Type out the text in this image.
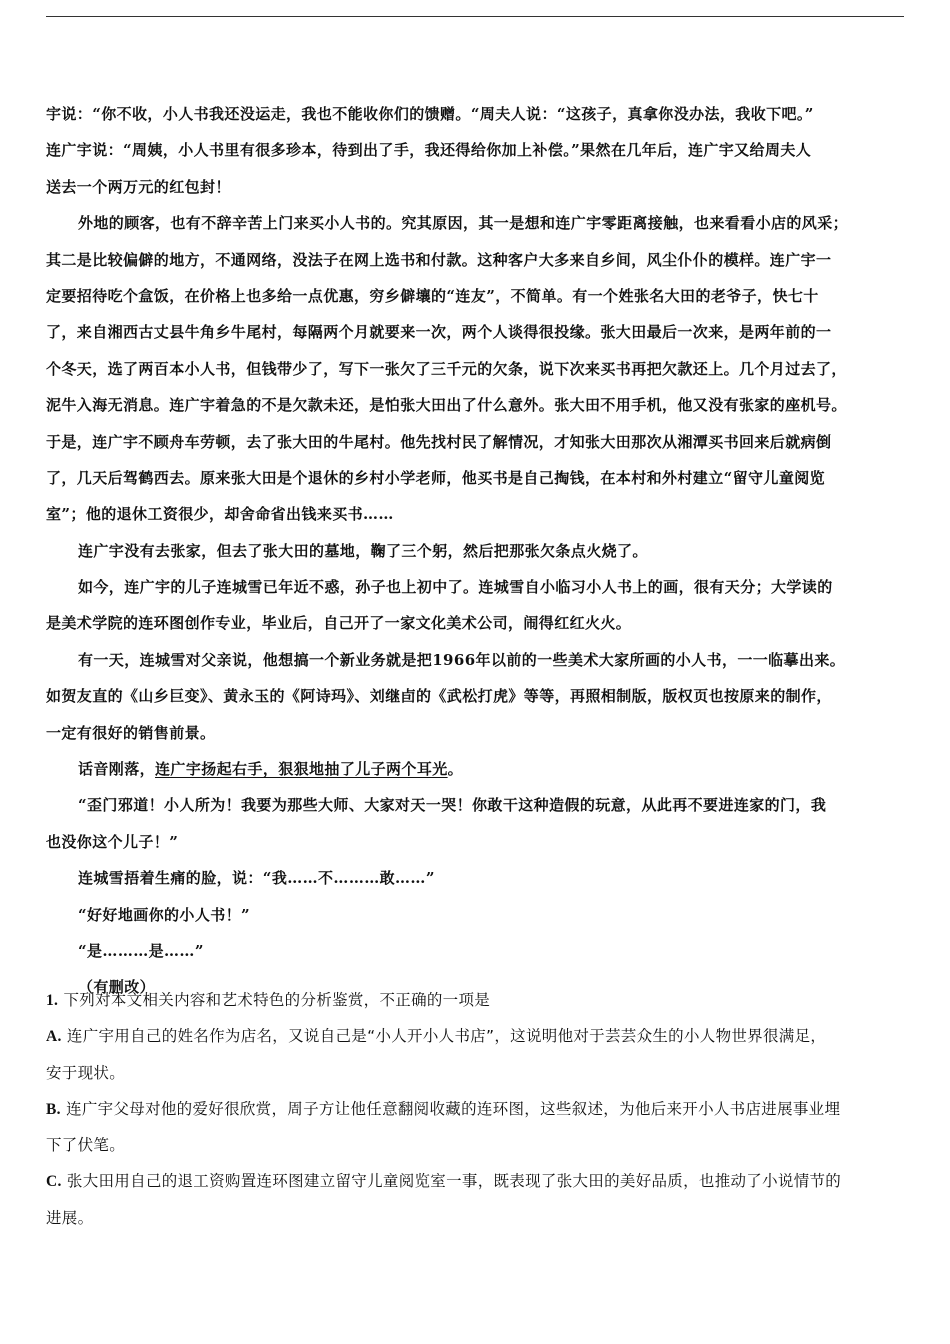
宇说：“你不收，小人书我还没运走，我也不能收你们的馈赠。“周夫人说：“这孩子，真拿你没办法，我收下吧。”
连广宇说：“周姨，小人书里有很多珍本，待到出了手，我还得给你加上补偿。”果然在几年后，连广宇又给周夫人
送去一个两万元的红包封！
外地的顾客，也有不辞辛苦上门来买小人书的。究其原因，其一是想和连广宇零距离接触，也来看看小店的风采；
其二是比较偏僻的地方，不通网络，没法子在网上选书和付款。这种客户大多来自乡间，风尘仆仆的模样。连广宇一
定要招待吃个盒饭，在价格上也多给一点优惠，穷乡僻壤的“连友”，不简单。有一个姓张名大田的老爷子，快七十
了，来自湘西古丈县牛角乡牛尾村，每隔两个月就要来一次，两个人谈得很投缘。张大田最后一次来，是两年前的一
个冬天，选了两百本小人书，但钱带少了，写下一张欠了三千元的欠条，说下次来买书再把欠款还上。几个月过去了，
泥牛入海无消息。连广宇着急的不是欠款未还，是怕张大田出了什么意外。张大田不用手机，他又没有张家的座机号。
于是，连广宇不顾舟车劳顿，去了张大田的牛尾村。他先找村民了解情况，才知张大田那次从湘潭买书回来后就病倒
了，几天后驾鹤西去。原来张大田是个退休的乡村小学老师，他买书是自己掏钱，在本村和外村建立“留守儿童阅览
室”；他的退休工资很少，却舍命省出钱来买书……
连广宇没有去张家，但去了张大田的墓地，鞠了三个躬，然后把那张欠条点火烧了。
如今，连广宇的儿子连城雪已年近不惑，孙子也上初中了。连城雪自小临习小人书上的画，很有天分；大学读的
是美术学院的连环图创作专业，毕业后，自己开了一家文化美术公司，闹得红红火火。
有一天，连城雪对父亲说，他想搞一个新业务就是把1966年以前的一些美术大家所画的小人书，一一临摹出来。
如贺友直的《山乡巨变》、黄永玉的《阿诗玛》、刘继卣的《武松打虎》等等，再照相制版，版权页也按原来的制作，
一定有很好的销售前景。
话音刚落，连广宇扬起右手，狠狠地抽了儿子两个耳光。
“歪门邪道！小人所为！我要为那些大师、大家对天一哭！你敢干这种造假的玩意，从此再不要进连家的门，我
也没你这个儿子！”
连城雪捂着生痛的脸，说：“我……不………敢……”
“好好地画你的小人书！”
“是………是……”
（有删改）
1. 下列对本文相关内容和艺术特色的分析鉴赏，不正确的一项是
A. 连广宇用自己的姓名作为店名，又说自己是“小人开小人书店”，这说明他对于芸芸众生的小人物世界很满足，
安于现状。
B. 连广宇父母对他的爱好很欣赏，周子方让他任意翻阅收藏的连环图，这些叙述，为他后来开小人书店进展事业埋
下了伏笔。
C. 张大田用自己的退工资购置连环图建立留守儿童阅览室一事，既表现了张大田的美好品质，也推动了小说情节的
进展。
